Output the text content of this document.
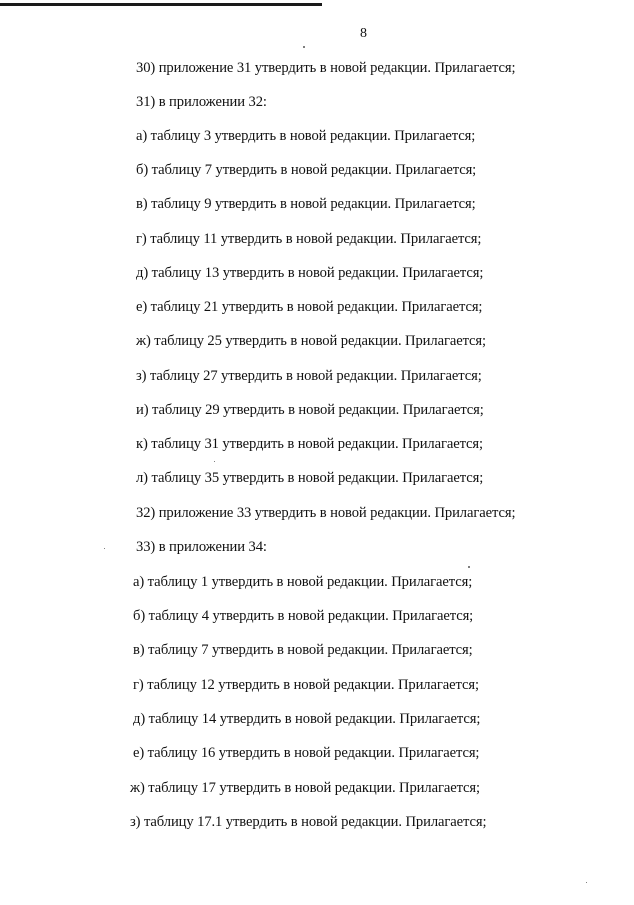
8
30) приложение 31 утвердить в новой редакции. Прилагается;
31) в приложении 32:
а) таблицу 3 утвердить в новой редакции. Прилагается;
б) таблицу 7 утвердить в новой редакции. Прилагается;
в) таблицу 9 утвердить в новой редакции. Прилагается;
г) таблицу 11 утвердить в новой редакции. Прилагается;
д) таблицу 13 утвердить в новой редакции. Прилагается;
е) таблицу 21 утвердить в новой редакции. Прилагается;
ж) таблицу 25 утвердить в новой редакции. Прилагается;
з) таблицу 27 утвердить в новой редакции. Прилагается;
и) таблицу 29 утвердить в новой редакции. Прилагается;
к) таблицу 31 утвердить в новой редакции. Прилагается;
л) таблицу 35 утвердить в новой редакции. Прилагается;
32) приложение 33 утвердить в новой редакции. Прилагается;
33) в приложении 34:
а) таблицу 1 утвердить в новой редакции. Прилагается;
б) таблицу 4 утвердить в новой редакции. Прилагается;
в) таблицу 7 утвердить в новой редакции. Прилагается;
г) таблицу 12 утвердить в новой редакции. Прилагается;
д) таблицу 14 утвердить в новой редакции. Прилагается;
е) таблицу 16 утвердить в новой редакции. Прилагается;
ж) таблицу 17 утвердить в новой редакции. Прилагается;
з) таблицу 17.1 утвердить в новой редакции. Прилагается;
